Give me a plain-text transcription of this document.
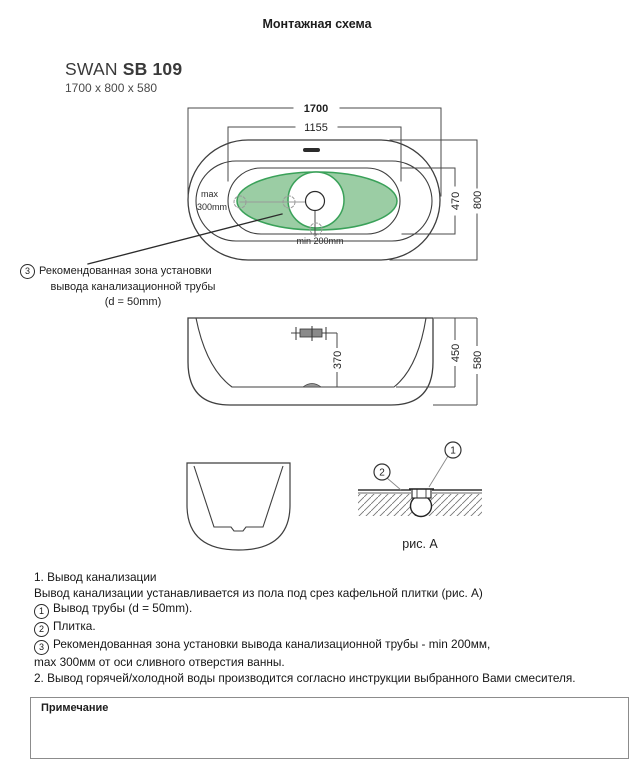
Монтажная схема
SWAN SB 109
1700 x 800 x 580
max
300mm
min 200mm
1700
1155
470 800
370	450 580
2
1
рис. А
3 Рекомендованная зона установки
вывода канализационной трубы
(d = 50mm)
1. Вывод канализации
Вывод канализации устанавливается из пола под срез кафельной плитки (рис. А)
1 Вывод трубы (d = 50mm).
2 Плитка.
3 Рекомендованная зона установки вывода канализационной трубы - min 200мм,
max 300мм от оси сливного отверстия ванны.
2. Вывод горячей/холодной воды производится согласно инструкции выбранного Вами смесителя.
Примечание
